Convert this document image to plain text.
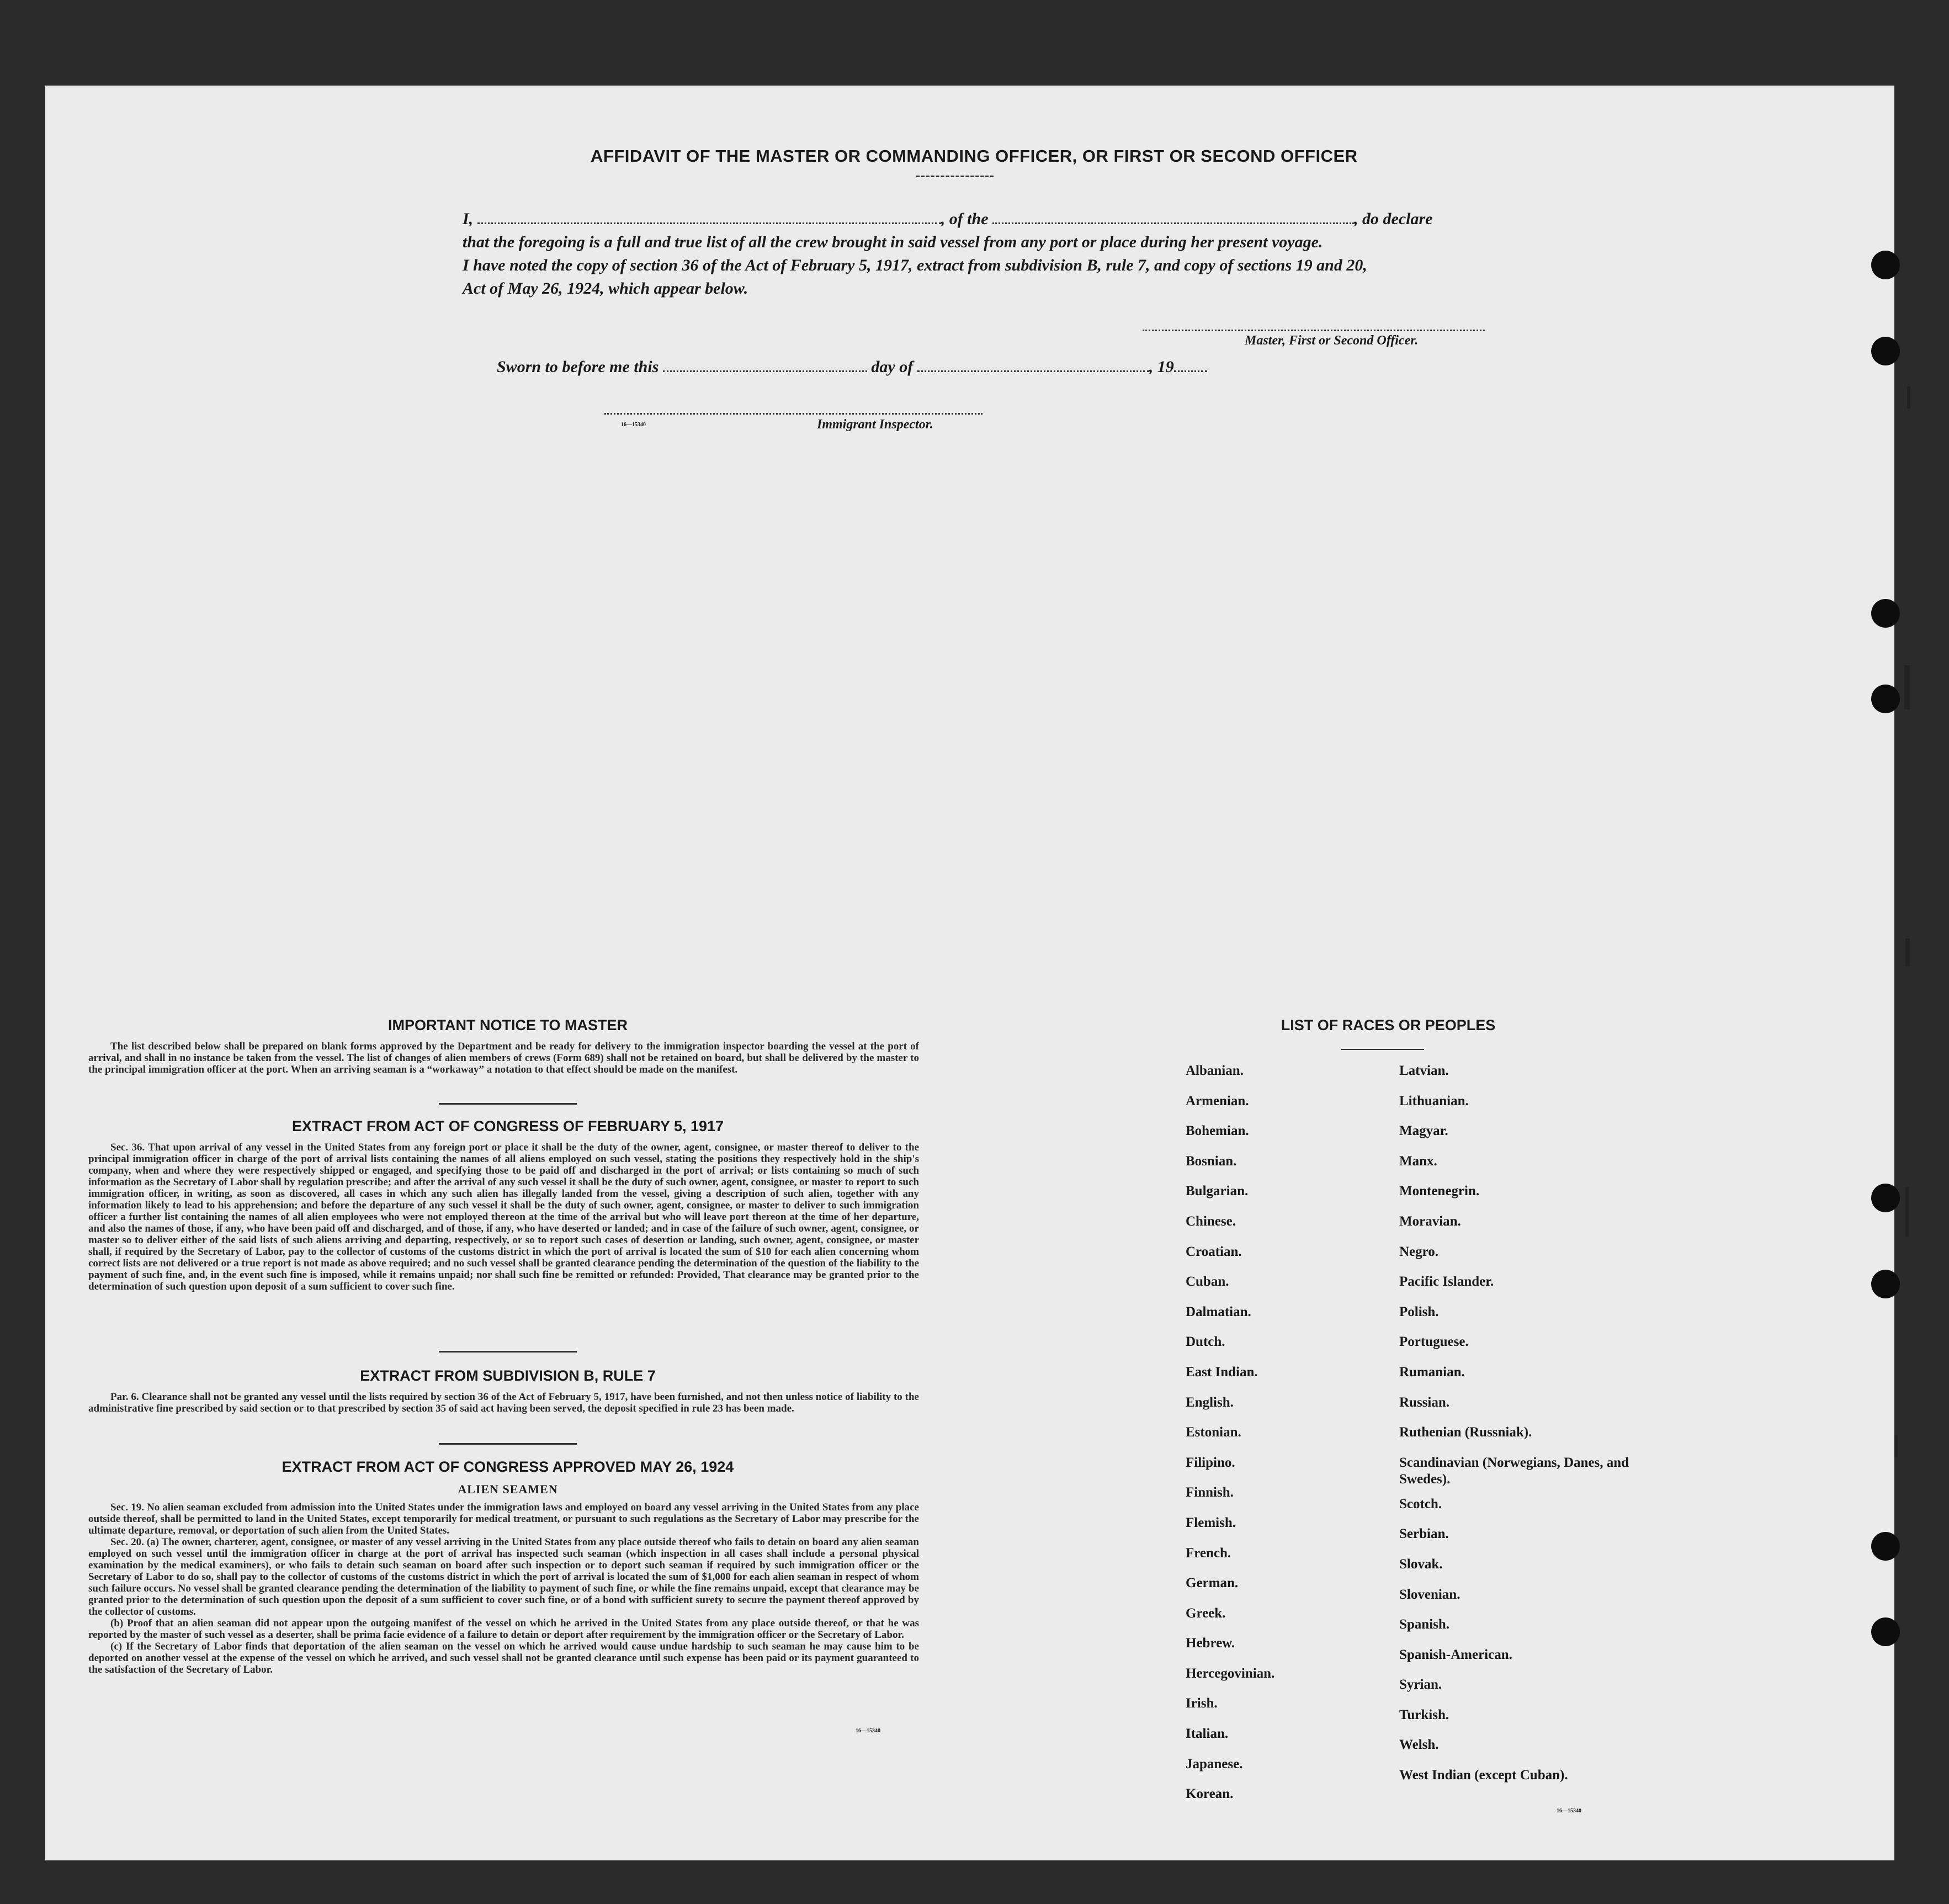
AFFIDAVIT OF THE MASTER OR COMMANDING OFFICER, OR FIRST OR SECOND OFFICER
I,	, of the	, do declare
that the foregoing is a full and true list of all the crew brought in said vessel from any port or place during her present voyage.
I have noted the copy of section 36 of the Act of February 5, 1917, extract from subdivision B, rule 7, and copy of sections 19 and 20,
Act of May 26, 1924, which appear below.
Master, First or Second Officer.
Sworn to before me this	day of	, 19
16—15340	Immigrant Inspector.
IMPORTANT NOTICE TO MASTER

The list described below shall be prepared on blank forms approved by the Department and be ready for delivery to the immigration inspector boarding the vessel at the port of arrival, and shall in no instance be taken from the vessel. The list of changes of alien members of crews (Form 689) shall not be retained on board, but shall be delivered by the master to the principal immigration officer at the port. When an arriving seaman is a “workaway” a notation to that effect should be made on the manifest.

EXTRACT FROM ACT OF CONGRESS OF FEBRUARY 5, 1917

Sec. 36. That upon arrival of any vessel in the United States from any foreign port or place it shall be the duty of the owner, agent, consignee, or master thereof to deliver to the principal immigration officer in charge of the port of arrival lists containing the names of all aliens employed on such vessel, stating the positions they respectively hold in the ship's company, when and where they were respectively shipped or engaged, and specifying those to be paid off and discharged in the port of arrival; or lists containing so much of such information as the Secretary of Labor shall by regulation prescribe; and after the arrival of any such vessel it shall be the duty of such owner, agent, consignee, or master to report to such immigration officer, in writing, as soon as discovered, all cases in which any such alien has illegally landed from the vessel, giving a description of such alien, together with any information likely to lead to his apprehension; and before the departure of any such vessel it shall be the duty of such owner, agent, consignee, or master to deliver to such immigration officer a further list containing the names of all alien employees who were not employed thereon at the time of the arrival but who will leave port thereon at the time of her departure, and also the names of those, if any, who have been paid off and discharged, and of those, if any, who have deserted or landed; and in case of the failure of such owner, agent, consignee, or master so to deliver either of the said lists of such aliens arriving and departing, respectively, or so to report such cases of desertion or landing, such owner, agent, consignee, or master shall, if required by the Secretary of Labor, pay to the collector of customs of the customs district in which the port of arrival is located the sum of $10 for each alien concerning whom correct lists are not delivered or a true report is not made as above required; and no such vessel shall be granted clearance pending the determination of the question of the liability to the payment of such fine, and, in the event such fine is imposed, while it remains unpaid; nor shall such fine be remitted or refunded: Provided, That clearance may be granted prior to the determination of such question upon deposit of a sum sufficient to cover such fine.

EXTRACT FROM SUBDIVISION B, RULE 7

Par. 6. Clearance shall not be granted any vessel until the lists required by section 36 of the Act of February 5, 1917, have been furnished, and not then unless notice of liability to the administrative fine prescribed by said section or to that prescribed by section 35 of said act having been served, the deposit specified in rule 23 has been made.

EXTRACT FROM ACT OF CONGRESS APPROVED MAY 26, 1924
ALIEN SEAMEN

Sec. 19. No alien seaman excluded from admission into the United States under the immigration laws and employed on board any vessel arriving in the United States from any place outside thereof, shall be permitted to land in the United States, except temporarily for medical treatment, or pursuant to such regulations as the Secretary of Labor may prescribe for the ultimate departure, removal, or deportation of such alien from the United States.

Sec. 20. (a) The owner, charterer, agent, consignee, or master of any vessel arriving in the United States from any place outside thereof who fails to detain on board any alien seaman employed on such vessel until the immigration officer in charge at the port of arrival has inspected such seaman (which inspection in all cases shall include a personal physical examination by the medical examiners), or who fails to detain such seaman on board after such inspection or to deport such seaman if required by such immigration officer or the Secretary of Labor to do so, shall pay to the collector of customs of the customs district in which the port of arrival is located the sum of $1,000 for each alien seaman in respect of whom such failure occurs. No vessel shall be granted clearance pending the determination of the liability to payment of such fine, or while the fine remains unpaid, except that clearance may be granted prior to the determination of such question upon the deposit of a sum sufficient to cover such fine, or of a bond with sufficient surety to secure the payment thereof approved by the collector of customs.

(b) Proof that an alien seaman did not appear upon the outgoing manifest of the vessel on which he arrived in the United States from any place outside thereof, or that he was reported by the master of such vessel as a deserter, shall be prima facie evidence of a failure to detain or deport after requirement by the immigration officer or the Secretary of Labor.

(c) If the Secretary of Labor finds that deportation of the alien seaman on the vessel on which he arrived would cause undue hardship to such seaman he may cause him to be deported on another vessel at the expense of the vessel on which he arrived, and such vessel shall not be granted clearance until such expense has been paid or its payment guaranteed to the satisfaction of the Secretary of Labor.

16—15340
LIST OF RACES OR PEOPLES
Albanian.
Armenian.
Bohemian.
Bosnian.
Bulgarian.
Chinese.
Croatian.
Cuban.
Dalmatian.
Dutch.
East Indian.
English.
Estonian.
Filipino.
Finnish.
Flemish.
French.
German.
Greek.
Hebrew.
Hercegovinian.
Irish.
Italian.
Japanese.
Korean.
Latvian.
Lithuanian.
Magyar.
Manx.
Montenegrin.
Moravian.
Negro.
Pacific Islander.
Polish.
Portuguese.
Rumanian.
Russian.
Ruthenian (Russniak).
Scandinavian (Norwegians, Danes, and Swedes).
Scotch.
Serbian.
Slovak.
Slovenian.
Spanish.
Spanish-American.
Syrian.
Turkish.
Welsh.
West Indian (except Cuban).
16—15340
